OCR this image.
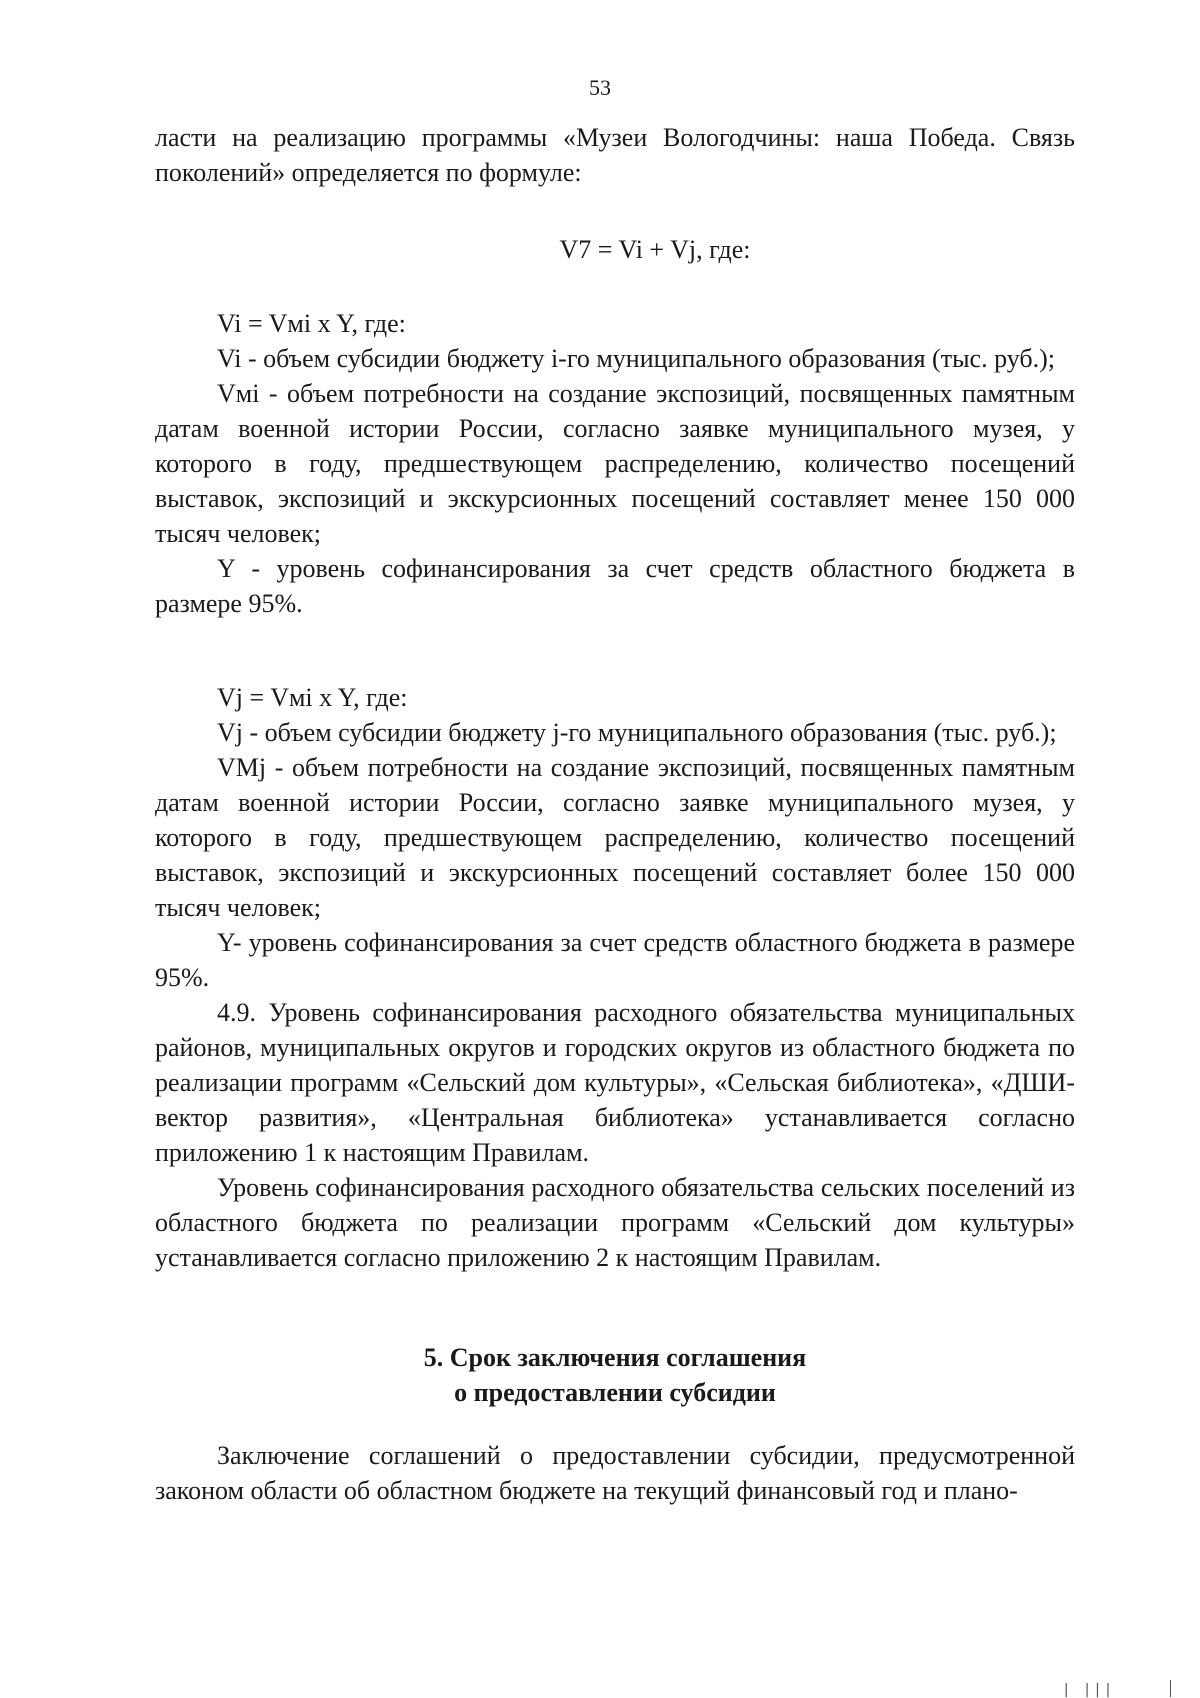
53

ласти на реализацию программы «Музеи Вологодчины: наша Победа. Связь поколений» определяется по формуле:

V7 = Vi + Vj, где:

Vi = Vмi x Y, где:

Vi - объем субсидии бюджету i-го муниципального образования (тыс. руб.);

Vмi - объем потребности на создание экспозиций, посвященных памятным датам военной истории России, согласно заявке муниципального музея, у которого в году, предшествующем распределению, количество посещений выставок, экспозиций и экскурсионных посещений составляет менее 150 000 тысяч человек;

Y - уровень софинансирования за счет средств областного бюджета в размере 95%.

Vj = Vмi x Y, где:

Vj - объем субсидии бюджету j-го муниципального образования (тыс. руб.);

VMj - объем потребности на создание экспозиций, посвященных памятным датам военной истории России, согласно заявке муниципального музея, у которого в году, предшествующем распределению, количество посещений выставок, экспозиций и экскурсионных посещений составляет более 150 000 тысяч человек;

Y- уровень софинансирования за счет средств областного бюджета в размере 95%.

4.9. Уровень софинансирования расходного обязательства муниципальных районов, муниципальных округов и городских округов из областного бюджета по реализации программ «Сельский дом культуры», «Сельская библиотека», «ДШИ-вектор развития», «Центральная библиотека» устанавливается согласно приложению 1 к настоящим Правилам.

Уровень софинансирования расходного обязательства сельских поселений из областного бюджета по реализации программ «Сельский дом культуры» устанавливается согласно приложению 2 к настоящим Правилам.

5. Срок заключения соглашения

о предоставлении субсидии

Заключение соглашений о предоставлении субсидии, предусмотренной законом области об областном бюджете на текущий финансовый год и плано-

| |||
